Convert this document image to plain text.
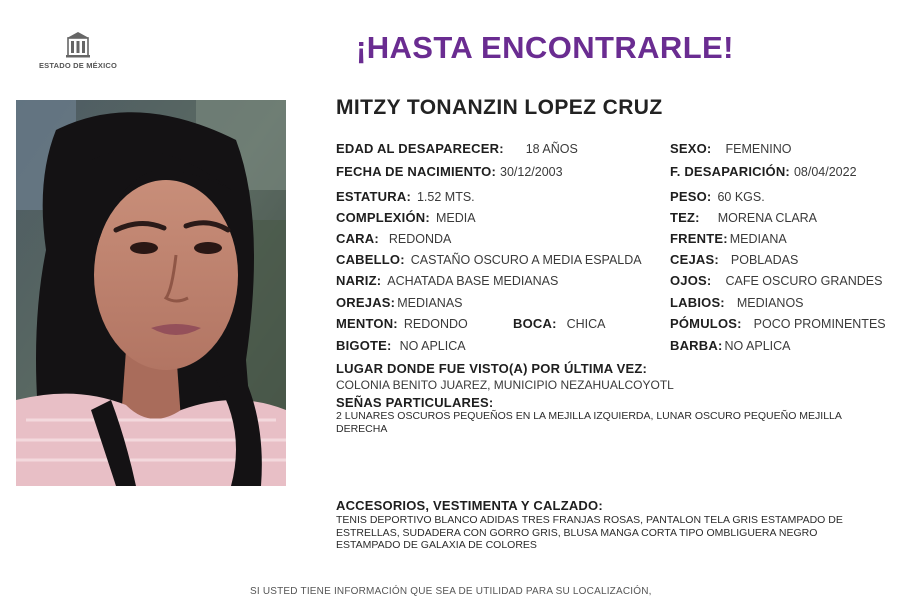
ESTADO DE MÉXICO
¡HASTA ENCONTRARLE!
MITZY TONANZIN LOPEZ CRUZ
EDAD AL DESAPARECER: 18 AÑOS
FECHA DE NACIMIENTO: 30/12/2003
ESTATURA: 1.52 MTS.
COMPLEXIÓN: MEDIA
CARA: REDONDA
CABELLO: CASTAÑO OSCURO A MEDIA ESPALDA
NARIZ: ACHATADA BASE MEDIANAS
OREJAS: MEDIANAS
MENTON: REDONDO
BIGOTE: NO APLICA
BOCA: CHICA
SEXO: FEMENINO
F. DESAPARICIÓN: 08/04/2022
PESO: 60 KGS.
TEZ: MORENA CLARA
FRENTE: MEDIANA
CEJAS: POBLADAS
OJOS: CAFE OSCURO GRANDES
LABIOS: MEDIANOS
PÓMULOS: POCO PROMINENTES
BARBA: NO APLICA
LUGAR DONDE FUE VISTO(A) POR ÚLTIMA VEZ:
COLONIA BENITO JUAREZ, MUNICIPIO NEZAHUALCOYOTL
SEÑAS PARTICULARES:
2 LUNARES OSCUROS PEQUEÑOS EN LA MEJILLA IZQUIERDA, LUNAR OSCURO PEQUEÑO MEJILLA
DERECHA
ACCESORIOS, VESTIMENTA Y CALZADO:
TENIS DEPORTIVO BLANCO ADIDAS TRES FRANJAS ROSAS, PANTALON TELA GRIS ESTAMPADO DE
ESTRELLAS, SUDADERA CON GORRO GRIS, BLUSA MANGA CORTA TIPO OMBLIGUERA NEGRO
ESTAMPADO DE GALAXIA DE COLORES
SI USTED TIENE INFORMACIÓN QUE SEA DE UTILIDAD PARA SU LOCALIZACIÓN,
